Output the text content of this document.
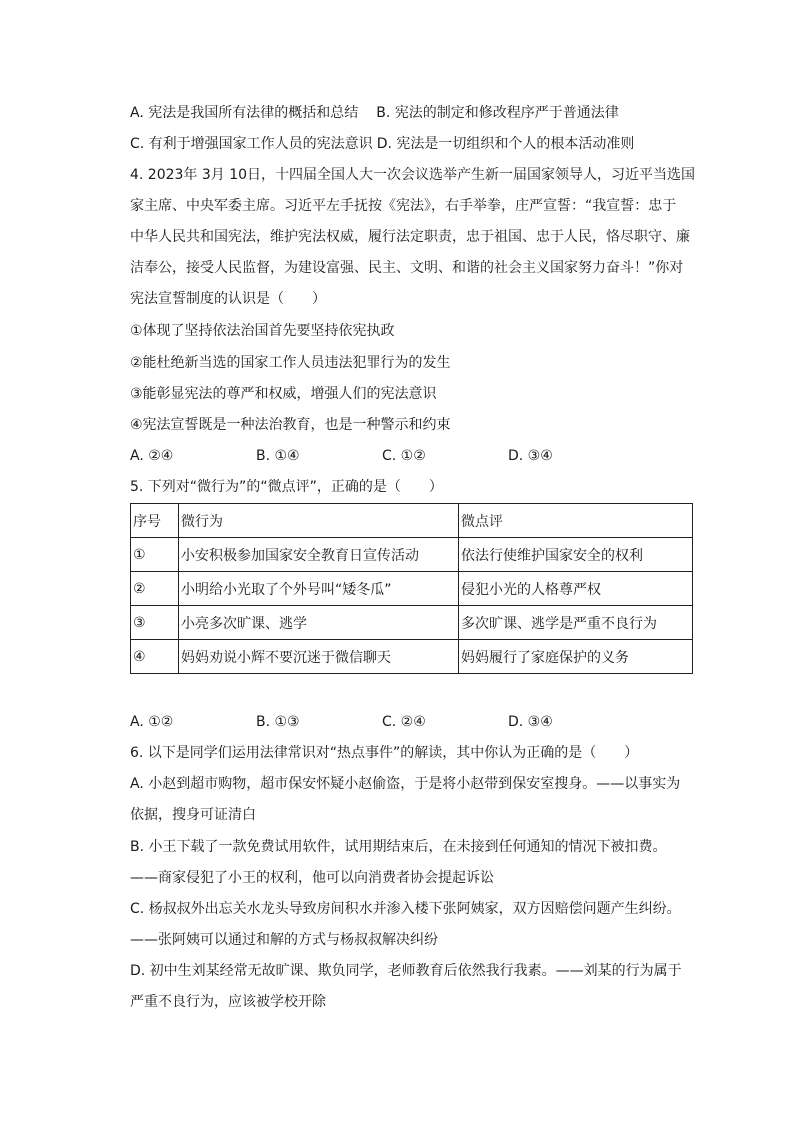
A. 宪法是我国所有法律的概括和总结 B. 宪法的制定和修改程序严于普通法律
C. 有利于增强国家工作人员的宪法意识 D. 宪法是一切组织和个人的根本活动准则
4. 2023年 3月 10日，十四届全国人大一次会议选举产生新一届国家领导人，习近平当选国
家主席、中央军委主席。习近平左手抚按《宪法》，右手举拳，庄严宣誓：“我宣誓：忠于
中华人民共和国宪法，维护宪法权威，履行法定职责，忠于祖国、忠于人民，恪尽职守、廉
洁奉公，接受人民监督，为建设富强、民主、文明、和谐的社会主义国家努力奋斗！”你对
宪法宣誓制度的认识是（　　）
①体现了坚持依法治国首先要坚持依宪执政
②能杜绝新当选的国家工作人员违法犯罪行为的发生
③能彰显宪法的尊严和权威，增强人们的宪法意识
④宪法宣誓既是一种法治教育，也是一种警示和约束
A. ②④	B. ①④	C. ①②	D. ③④
5. 下列对“微行为”的“微点评”，正确的是（　　）
序号	微行为	微点评
①	小安积极参加国家安全教育日宣传活动	依法行使维护国家安全的权利
②	小明给小光取了个外号叫“矮冬瓜”	侵犯小光的人格尊严权
③	小亮多次旷课、逃学	多次旷课、逃学是严重不良行为
④	妈妈劝说小辉不要沉迷于微信聊天	妈妈履行了家庭保护的义务
A. ①②	B. ①③	C. ②④	D. ③④
6. 以下是同学们运用法律常识对“热点事件”的解读，其中你认为正确的是（　　）
A. 小赵到超市购物，超市保安怀疑小赵偷盗，于是将小赵带到保安室搜身。——以事实为
依据，搜身可证清白
B. 小王下载了一款免费试用软件，试用期结束后，在未接到任何通知的情况下被扣费。
——商家侵犯了小王的权利，他可以向消费者协会提起诉讼
C. 杨叔叔外出忘关水龙头导致房间积水并渗入楼下张阿姨家，双方因赔偿问题产生纠纷。
——张阿姨可以通过和解的方式与杨叔叔解决纠纷
D. 初中生刘某经常无故旷课、欺负同学，老师教育后依然我行我素。——刘某的行为属于
严重不良行为，应该被学校开除
